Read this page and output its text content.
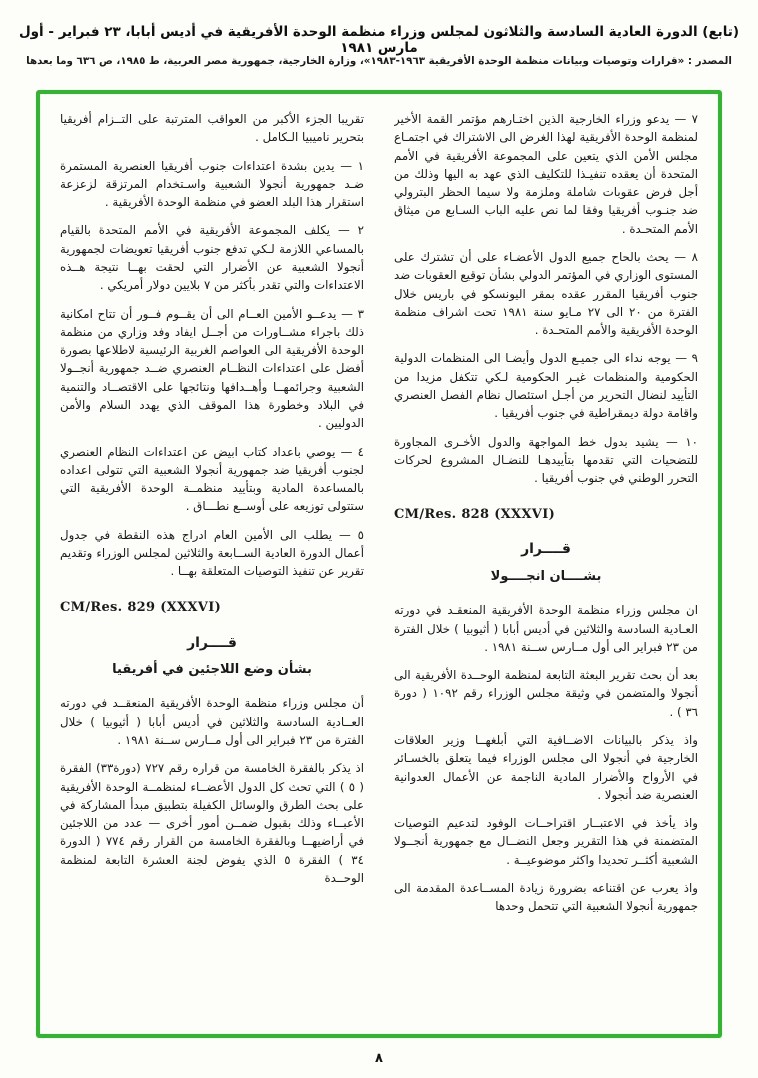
(تابع) الدورة العادية السادسة والثلاثون لمجلس وزراء منظمة الوحدة الأفريقية في أديس أبابا، ٢٣ فبراير - أول مارس ١٩٨١
المصدر : «قرارات وتوصيات وبيانات منظمة الوحدة الأفريقية ١٩٦٣-١٩٨٣»، وزارة الخارجية، جمهورية مصر العربية، ط ١٩٨٥، ص ٦٣٦ وما بعدها
٧ — يدعو وزراء الخارجية الذين اختـارهم مؤتمر القمة الأخير لمنظمة الوحدة الأفريقية لهذا الغرض الى الاشتراك في اجتمـاع مجلس الأمن الذي يتعين على المجموعة الأفريقية في الأمم المتحدة أن يعقده تنفيـذا للتكليف الذي عهد به اليها وذلك من أجل فرض عقوبات شاملة وملزمة ولا سيما الحظر البترولي ضد جنـوب أفريقيا وفقا لما نص عليه الباب السـابع من ميثاق الأمم المتحـدة .
٨ — يحث بالحاح جميع الدول الأعضـاء على أن تشترك على المستوى الوزاري في المؤتمر الدولي بشأن توقيع العقوبات ضد جنوب أفريقيا المقرر عقده بمقر اليونسكو في باريس خلال الفترة من ٢٠ الى ٢٧ مـايو سنة ١٩٨١ تحت اشراف منظمة الوحدة الأفريقية والأمم المتحـدة .
٩ — يوجه نداء الى جميـع الدول وأيضـا الى المنظمات الدولية الحكومية والمنظمات غيـر الحكومية لـكي تتكفل مزيدا من التأييد لنضال التحرير من أجـل استئصال نظام الفصل العنصري واقامة دولة ديمقراطية في جنوب أفريقيا .
١٠ — يشيد بدول خط المواجهة والدول الأخـرى المجاورة للتضحيات التي تقدمها بتأييدهـا للنضـال المشروع لحركات التحرر الوطني في جنوب أفريقيا .
CM/Res. 828 (XXXVI)
قــــرار
بشــــان انجــــولا
ان مجلس وزراء منظمة الوحدة الأفريقية المنعقـد في دورته العـادية السادسة والثلاثين في أديس أبابا ( أثيوبيا ) خلال الفترة من ٢٣ فبراير الى أول مــارس ســنة ١٩٨١ .
بعد أن بحث تقرير البعثة التابعة لمنظمة الوحــدة الأفريقية الى أنجولا والمتضمن في وثيقة مجلس الوزراء رقم ١٠٩٢ ( دورة ٣٦ ) .
واذ يذكر بالبيانات الاضــافية التي أبلغهــا وزير العلاقات الخارجية في أنجولا الى مجلس الوزراء فيما يتعلق بالخسـائر في الأرواح والأضرار المادية الناجمة عن الأعمال العدوانية العنصرية ضد أنجولا .
واذ يأخذ في الاعتبــار اقتراحــات الوفود لتدعيم التوصيات المتضمنة في هذا التقرير وجعل النضــال مع جمهورية أنجــولا الشعبية أكثــر تحديدا واكثر موضوعيــة .
واذ يعرب عن اقتناعه بضرورة زيادة المســاعدة المقدمة الى جمهورية أنجولا الشعبية التي تتحمل وحدها
تقريبا الجزء الأكبر من العواقب المترتبة على التــزام أفريقيا بتحرير ناميبيا الـكامل .
١ — يدين بشدة اعتداءات جنوب أفريقيا العنصرية المستمرة ضـد جمهورية أنجولا الشعبية واسـتخدام المرتزقة لزعزعة استقرار هذا البلد العضو في منظمة الوحدة الأفريقية .
٢ — يكلف المجموعة الأفريقية في الأمم المتحدة بالقيام بالمساعي اللازمة لـكي تدفع جنوب أفريقيا تعويضات لجمهورية أنجولا الشعبية عن الأضرار التي لحقت بهــا نتيجة هــذه الاعتداءات والتي تقدر بأكثر من ٧ بلايين دولار أمريكي .
٣ — يدعــو الأمين العــام الى أن يقــوم فــور أن تتاح امكانية ذلك باجراء مشــاورات من أجــل ايفاد وفد وزاري من منظمة الوحدة الأفريقية الى العواصم الغربية الرئيسية لاطلاعها بصورة أفضل على اعتداءات النظــام العنصري ضــد جمهورية أنجــولا الشعبية وجرائمهــا وأهــدافها ونتائجها على الاقتصــاد والتنمية في البلاد وخطورة هذا الموقف الذي يهدد السلام والأمن الدوليين .
٤ — يوصي باعداد كتاب ابيض عن اعتداءات النظام العنصري لجنوب أفريقيا ضد جمهورية أنجولا الشعبية التي تتولى اعداده بالمساعدة المادية وبتأييد منظمــة الوحدة الأفريقية التي ستتولى توزيعه على أوســع نطـــاق .
٥ — يطلب الى الأمين العام ادراج هذه النقطة في جدول أعمال الدورة العادية الســابعة والثلاثين لمجلس الوزراء وتقديم تقرير عن تنفيذ التوصيات المتعلقة بهــا .
CM/Res. 829 (XXXVI)
قــــرار
بشأن وضع اللاجئين في أفريقيا
أن مجلس وزراء منظمة الوحدة الأفريقية المنعقــد في دورته العــادية السادسة والثلاثين في أديس أبابا ( أثيوبيا ) خلال الفترة من ٢٣ فبراير الى أول مــارس ســنة ١٩٨١ .
اذ يذكر بالفقرة الخامسة من قراره رقم ٧٢٧ (دورة٣٣) الفقرة ( ٥ ) التي تحث كل الدول الأعضــاء لمنظمــة الوحدة الأفريقية على بحث الطرق والوسائل الكفيلة بتطبيق مبدأ المشاركة في الأعبــاء وذلك بقبول ضمــن أمور أخرى — عدد من اللاجئين في أراضيهــا وبالفقرة الخامسة من القرار رقم ٧٧٤ ( الدورة ٣٤ ) الفقرة ٥ الذي يفوض لجنة العشرة التابعة لمنظمة الوحــدة
٨
